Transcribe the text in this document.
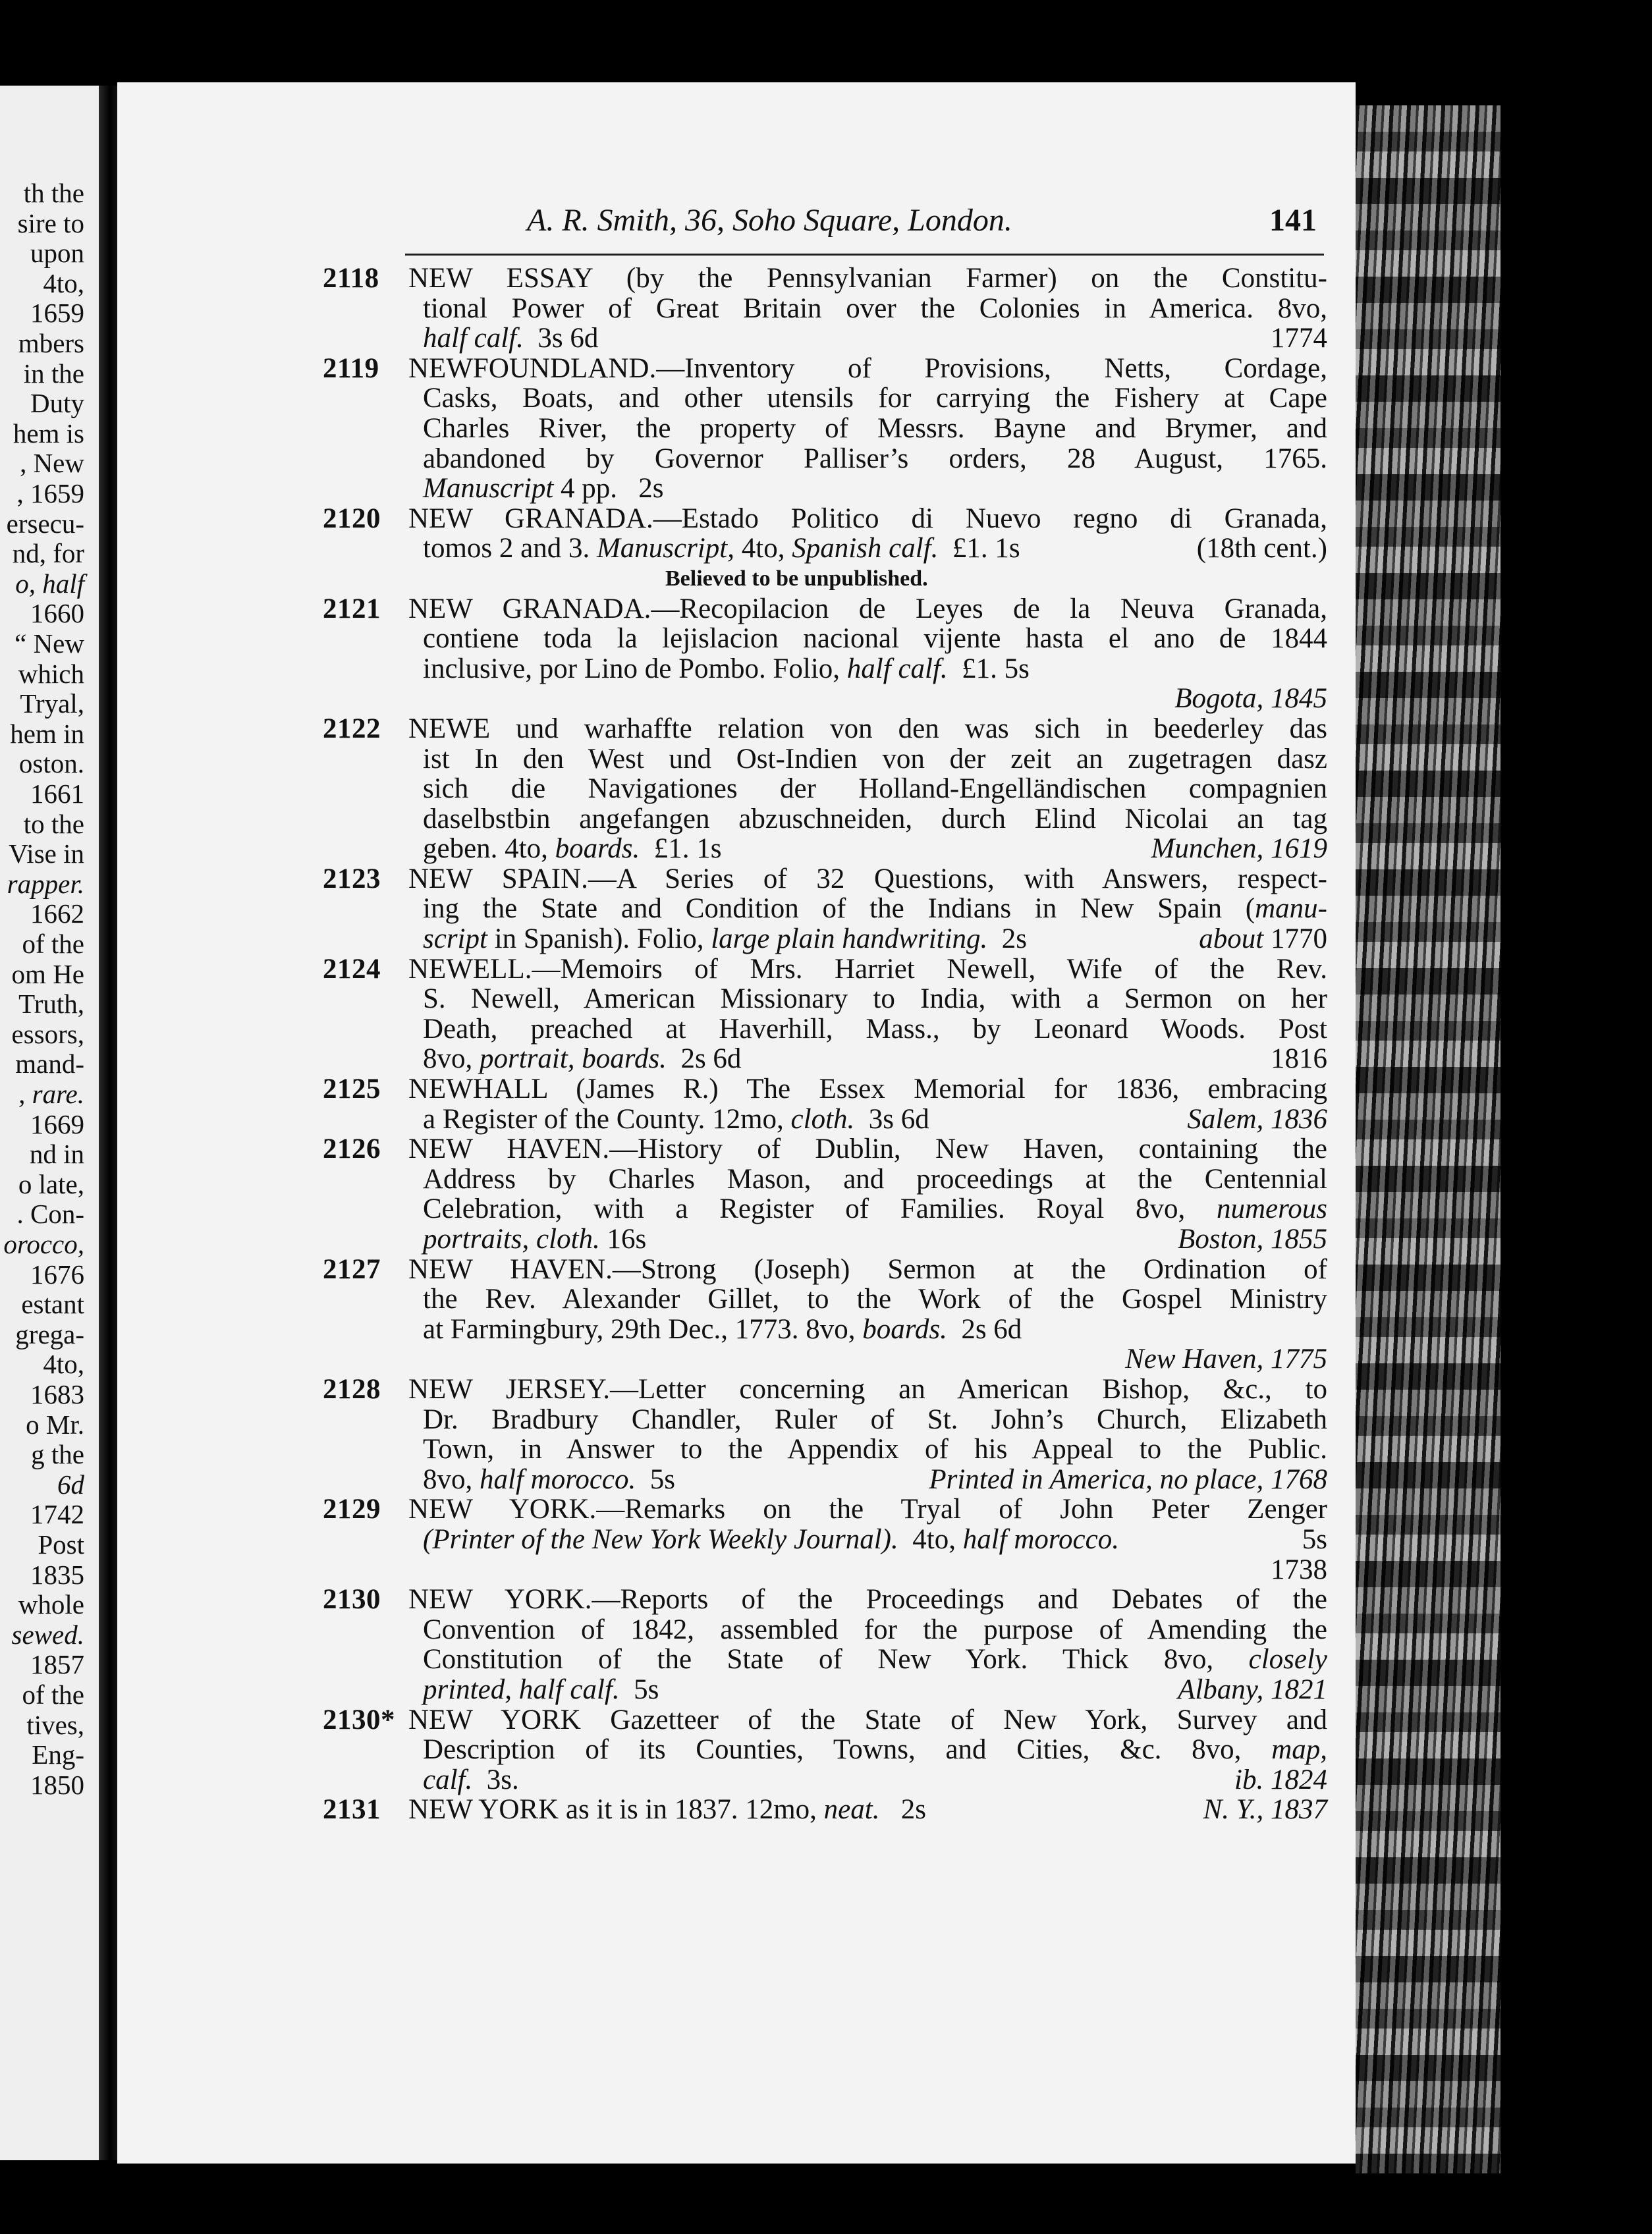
th the
sire to
upon
4to,
1659
mbers
in the
Duty
hem is
, New
, 1659
ersecu-
nd, for
o, half
1660
“ New
which
Tryal,
hem in
oston.
1661
to the
Vise in
rapper.
1662
of the
om He
Truth,
essors,
mand-
, rare.
1669
nd in
o late,
. Con-
orocco,
1676
estant
grega-
4to,
1683
o Mr.
g the
6d
1742
Post
1835
whole
sewed.
1857
of the
tives,
Eng-
1850
A. R. Smith, 36, Soho Square, London.	141
2118 NEW ESSAY (by the Pennsylvanian Farmer) on the Constitu-
tional Power of Great Britain over the Colonies in America. 8vo,
half calf. 3s 6d	1774
2119 NEWFOUNDLAND.—Inventory of Provisions, Netts, Cordage,
Casks, Boats, and other utensils for carrying the Fishery at Cape
Charles River, the property of Messrs. Bayne and Brymer, and
abandoned by Governor Palliser’s orders, 28 August, 1765.
Manuscript 4 pp. 2s
2120 NEW GRANADA.—Estado Politico di Nuevo regno di Granada,
tomos 2 and 3. Manuscript, 4to, Spanish calf. £1. 1s	(18th cent.)
Believed to be unpublished.
2121 NEW GRANADA.—Recopilacion de Leyes de la Neuva Granada,
contiene toda la lejislacion nacional vijente hasta el ano de 1844
inclusive, por Lino de Pombo. Folio, half calf. £1. 5s
Bogota, 1845
2122 NEWE und warhaffte relation von den was sich in beederley das
ist In den West und Ost-Indien von der zeit an zugetragen dasz
sich die Navigationes der Holland-Engelländischen compagnien
daselbstbin angefangen abzuschneiden, durch Elind Nicolai an tag
geben. 4to, boards. £1. 1s	Munchen, 1619
2123 NEW SPAIN.—A Series of 32 Questions, with Answers, respect-
ing the State and Condition of the Indians in New Spain (manu-
script in Spanish). Folio, large plain handwriting. 2s	about 1770
2124 NEWELL.—Memoirs of Mrs. Harriet Newell, Wife of the Rev.
S. Newell, American Missionary to India, with a Sermon on her
Death, preached at Haverhill, Mass., by Leonard Woods. Post
8vo, portrait, boards. 2s 6d	1816
2125 NEWHALL (James R.) The Essex Memorial for 1836, embracing
a Register of the County. 12mo, cloth. 3s 6d	Salem, 1836
2126 NEW HAVEN.—History of Dublin, New Haven, containing the
Address by Charles Mason, and proceedings at the Centennial
Celebration, with a Register of Families. Royal 8vo, numerous
portraits, cloth. 16s	Boston, 1855
2127 NEW HAVEN.—Strong (Joseph) Sermon at the Ordination of
the Rev. Alexander Gillet, to the Work of the Gospel Ministry
at Farmingbury, 29th Dec., 1773. 8vo, boards. 2s 6d
New Haven, 1775
2128 NEW JERSEY.—Letter concerning an American Bishop, &c., to
Dr. Bradbury Chandler, Ruler of St. John’s Church, Elizabeth
Town, in Answer to the Appendix of his Appeal to the Public.
8vo, half morocco. 5s	Printed in America, no place, 1768
2129 NEW YORK.—Remarks on the Tryal of John Peter Zenger
(Printer of the New York Weekly Journal). 4to, half morocco.	5s
1738
2130 NEW YORK.—Reports of the Proceedings and Debates of the
Convention of 1842, assembled for the purpose of Amending the
Constitution of the State of New York. Thick 8vo, closely
printed, half calf. 5s	Albany, 1821
2130* NEW YORK Gazetteer of the State of New York, Survey and
Description of its Counties, Towns, and Cities, &c. 8vo, map,
calf. 3s.	ib. 1824
2131 NEW YORK as it is in 1837. 12mo, neat. 2s	N. Y., 1837
